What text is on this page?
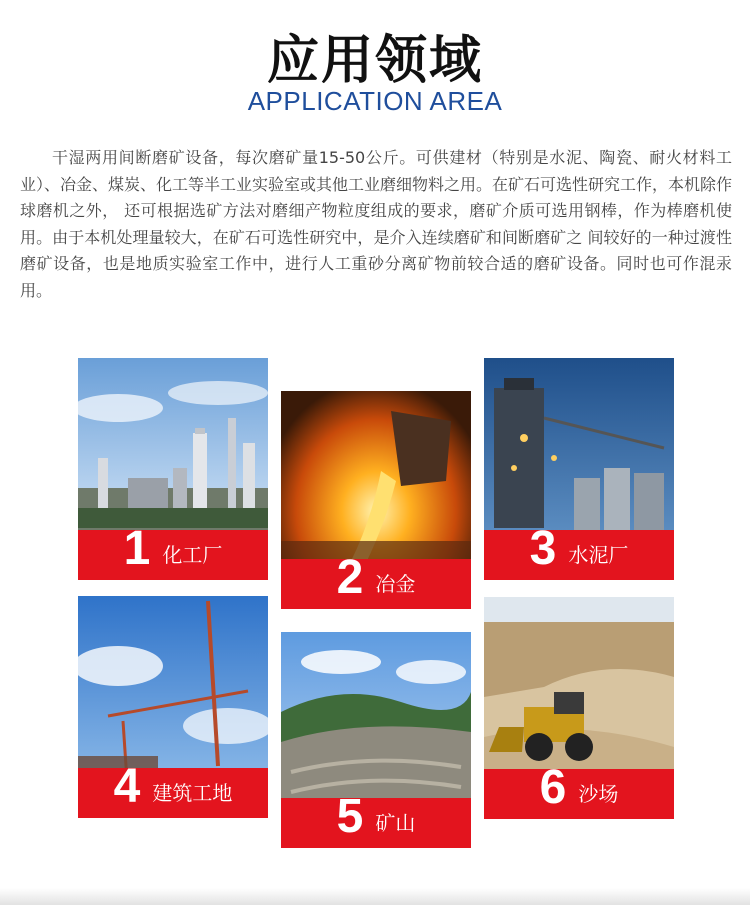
应用领域
APPLICATION AREA

干湿两用间断磨矿设备，每次磨矿量15-50公斤。可供建材（特别是水泥、陶瓷、耐火材料工业）、冶金、煤炭、化工等半工业实验室或其他工业磨细物料之用。在矿石可选性研究工作，本机除作球磨机之外， 还可根据选矿方法对磨细产物粒度组成的要求，磨矿介质可选用钢棒，作为棒磨机使用。由于本机处理量较大，在矿石可选性研究中，是介入连续磨矿和间断磨矿之 间较好的一种过渡性磨矿设备，也是地质实验室工作中，进行人工重砂分离矿物前较合适的磨矿设备。同时也可作混汞用。

1 化工厂 2 冶金
3 水泥厂
4 建筑工地 5 矿山
6 沙场
